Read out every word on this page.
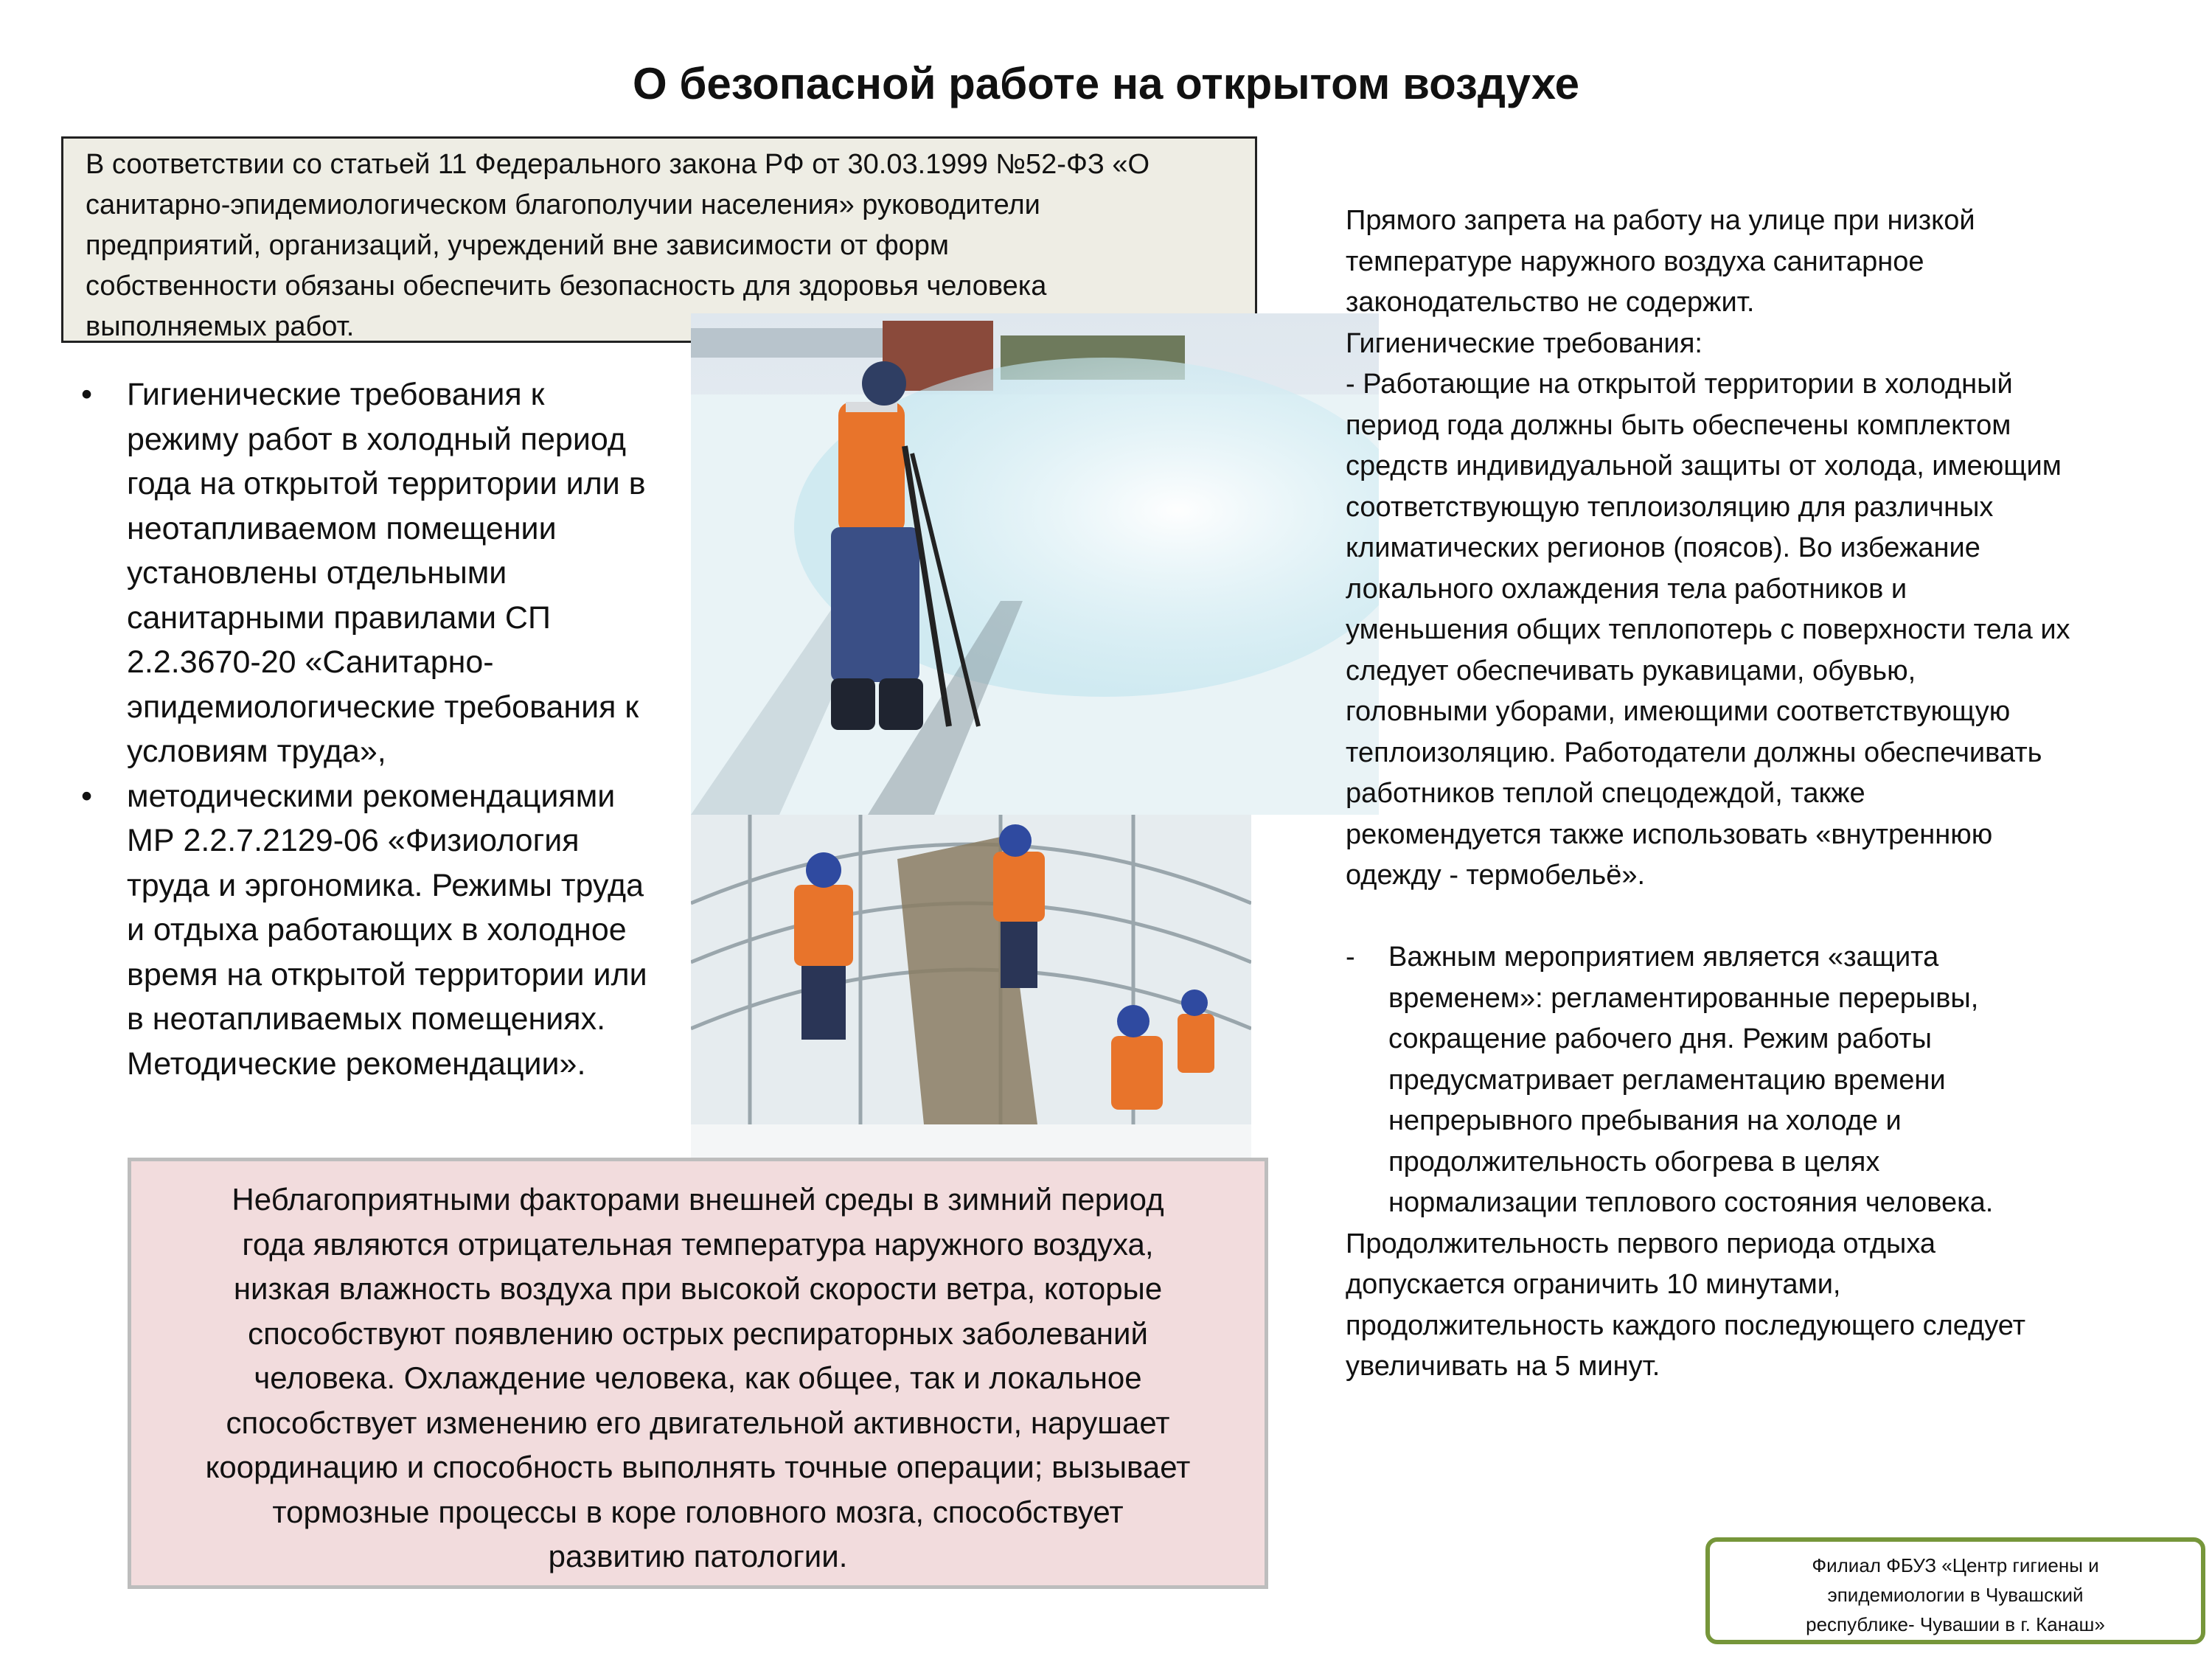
О безопасной работе на открытом воздухе
В соответствии со статьей 11 Федерального закона РФ от 30.03.1999 №52-ФЗ «О
санитарно-эпидемиологическом благополучии населения» руководители
предприятий, организаций, учреждений вне зависимости от форм
собственности обязаны обеспечить безопасность для здоровья человека
выполняемых работ.
• Гигиенические требования к
режиму работ в холодный период
года на открытой территории или в
неотапливаемом помещении
установлены отдельными
санитарными правилами СП
2.2.3670-20 «Санитарно-
эпидемиологические требования к
условиям труда»,
• методическими рекомендациями
МР 2.2.7.2129-06 «Физиология
труда и эргономика. Режимы труда
и отдыха работающих в холодное
время на открытой территории или
в неотапливаемых помещениях.
Методические рекомендации».
Неблагоприятными факторами внешней среды в зимний период
года являются отрицательная температура наружного воздуха,
низкая влажность воздуха при высокой скорости ветра, которые
способствуют появлению острых респираторных заболеваний
человека. Охлаждение человека, как общее, так и локальное
способствует изменению его двигательной активности, нарушает
координацию и способность выполнять точные операции; вызывает
тормозные процессы в коре головного мозга, способствует
развитию патологии.

Прямого запрета на работу на улице при низкой

температуре наружного воздуха санитарное

законодательство не содержит.

Гигиенические требования:

- Работающие на открытой территории в холодный

период года должны быть обеспечены комплектом

средств индивидуальной защиты от холода, имеющим

соответствующую теплоизоляцию для различных

климатических регионов (поясов). Во избежание

локального охлаждения тела работников и

уменьшения общих теплопотерь с поверхности тела их

следует обеспечивать рукавицами, обувью,

головными уборами, имеющими соответствующую

теплоизоляцию. Работодатели должны обеспечивать

работников теплой спецодеждой, также

рекомендуется также использовать «внутреннюю

одежду - термобельё».

-	Важным мероприятием является «защита

временем»: регламентированные перерывы,

сокращение рабочего дня. Режим работы

предусматривает регламентацию времени

непрерывного пребывания на холоде и

продолжительность обогрева в целях

нормализации теплового состояния человека.

Продолжительность первого периода отдыха

допускается ограничить 10 минутами,

продолжительность каждого последующего следует

увеличивать на 5 минут.

Филиал ФБУЗ «Центр гигиены и
эпидемиологии в Чувашский
республике- Чувашии в г. Канаш»
